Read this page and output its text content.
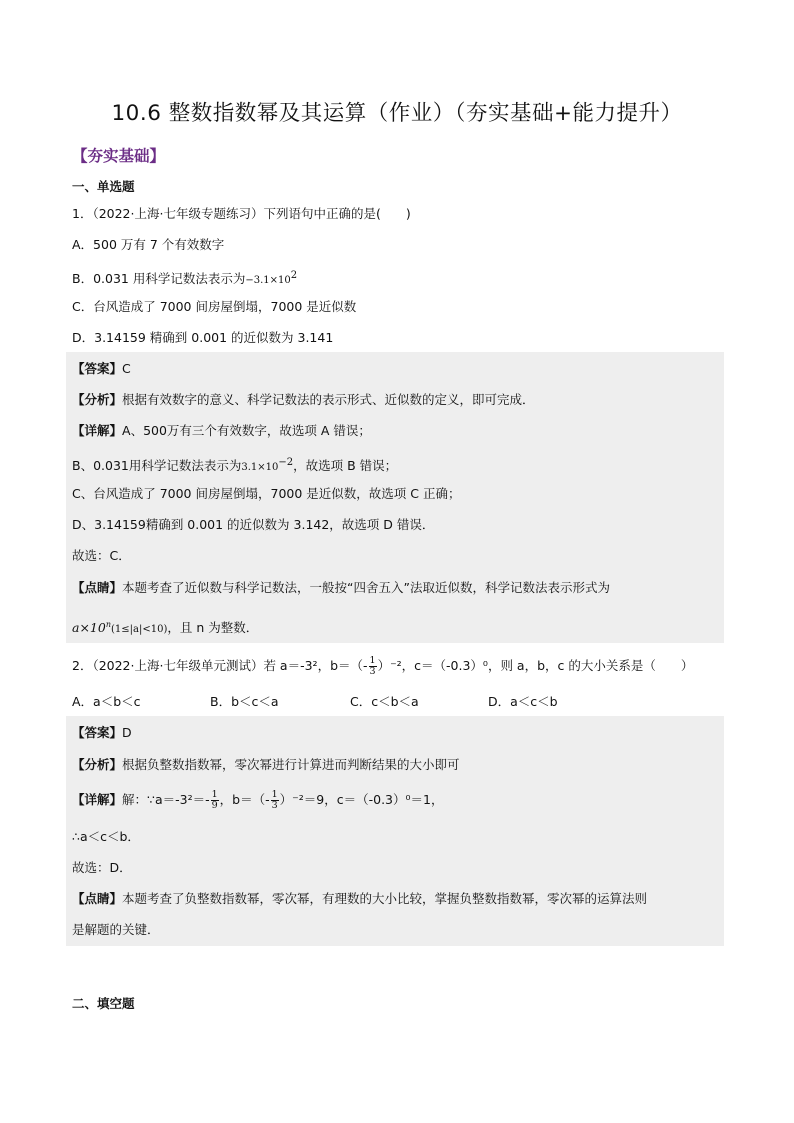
10.6 整数指数幂及其运算（作业）（夯实基础+能力提升）
【夯实基础】
一、单选题
1．（2022·上海·七年级专题练习）下列语句中正确的是(　　)
A．500 万有 7 个有效数字
B．0.031 用科学记数法表示为$-3.1\times 10^2$
C．台风造成了 7000 间房屋倒塌，7000 是近似数
D．3.14159 精确到 0.001 的近似数为 3.141
【答案】C
【分析】根据有效数字的意义、科学记数法的表示形式、近似数的定义，即可完成．
【详解】A、500万有三个有效数字，故选项 A 错误；
B、0.031用科学记数法表示为$3.1\times 10^{-2}$，故选项 B 错误；
C、台风造成了 7000 间房屋倒塌，7000 是近似数，故选项 C 正确；
D、3.14159精确到 0.001 的近似数为 3.142，故选项 D 错误．
故选：C．
【点睛】本题考查了近似数与科学记数法，一般按“四舍五入”法取近似数，科学记数法表示形式为
$a\times 10^n(1\le|a|<10)$，且 n 为整数．
2．（2022·上海·七年级单元测试）若 a＝-3²，$b=(- \frac{1}{3} )^{-2}$，c＝（-0.3）⁰，则 a，b，c 的大小关系是（　　）
A．a＜b＜c	B．b＜c＜a	C．c＜b＜a	D．a＜c＜b
【答案】D
【分析】根据负整数指数幂，零次幂进行计算进而判断结果的大小即可
【详解】解：∵a＝-3²＝- $\frac{1}{9}$ ，$b=(- \frac{1}{3} )^{-2}=9$，c＝（-0.3）⁰＝1，
∴a＜c＜b．
故选：D．
【点睛】本题考查了负整数指数幂，零次幂，有理数的大小比较，掌握负整数指数幂，零次幂的运算法则
是解题的关键．
二、填空题
